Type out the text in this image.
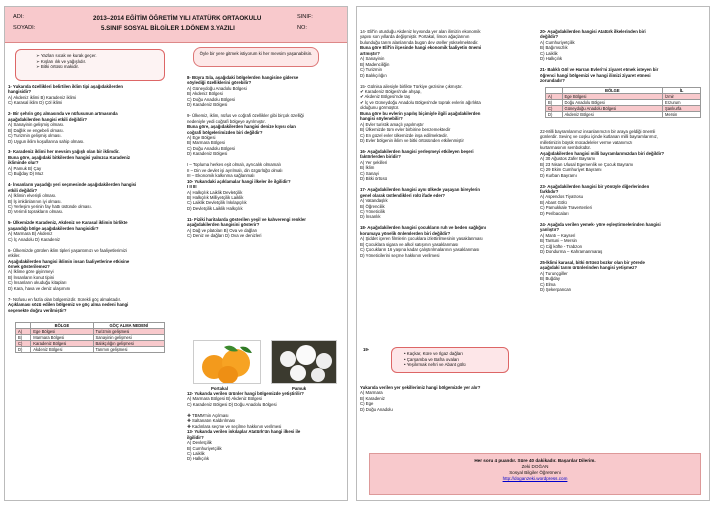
ADI:
SOYADI:
2013–2014 EĞİTİM ÖĞRETİM YILI ATATÜRK ORTAOKULU
5.SINIF SOSYAL BİLGİLER 1.DÖNEM 3.YAZILI
SINIF:
NO:

➢ Yazları sıcak ve kurak geçer.

➢ Kışları ılık ve yağışlıdır.

➢ Bitki örtüsü makidir.

1- Yukarıda özellikleri belirtilen iklim tipi aşağıdakilerden

hangisidir?

A) Akdeniz iklimi B) Karadeniz iklimi

C) Karasal iklim D) Çöl iklimi

2- Bir şehrin göç almasında ve nüfusunun artmasında

aşağıdakilerden hangisi etkili değildir?

A) Sanayinin gelişmiş olması.

B) Dağlık ve engebeli olması.

C) Turizmin gelişmiş olması.

D) Uygun iklim koşullarına sahip olması.

3- Karadeniz iklimi her mevsim yağışlı olan bir iklimdir.

Buna göre, aşağıdaki bitkilerden hangisi yalnızca Karadeniz

ikliminde olur?

A) Pamuk B) Çay

C) Buğday D) Muz

4- İnsanların yaşadığı yeri seçmesinde aşağıdakilerden hangisi

etkili değildir?

A) İklimin elverişli olması.

B) İş imkânlarının iyi olması.

C) Yerleşim yerinin fay hattı üstünde olması.

D) Verimli toprakların olması.

5- Ülkemizde Karadeniz, Akdeniz ve Karasal iklimin birlikte

yaşandığı bölge aşağıdakilerden hangisidir?

A) Marmara B) Akdeniz

C) İç Anadolu D) Karadeniz

6- Ülkemizde görülen iklim tipleri yaşantımızı ve faaliyetlerimizi

etkiler.

Aşağıdakilerden hangisi iklimin insan faaliyetlerine etkisine

örnek gösterilemez?

A) İklime göre giyinmeyi

B) İnsanların konut tipini

C) İnsanların okuduğu kitapları

D) Kara, hava ve deniz ulaşımını

7- Nüfusu en fazla olan bölgemizdir. Sürekli göç almaktadır.

Açıklaması sözü edilen bölgemiz ve göç alma nedeni hangi

seçenekte doğru verilmiştir?

	BÖLGE	GÖÇ ALMA NEDENİ
A)	Ege Bölgesi	Turizmin gelişmesi
B)	Marmara Bölgesi	Sanayinin gelişmesi
C)	Karadeniz Bölgesi	Balıkçılığın gelişmesi
D)	Akdeniz Bölgesi	Tarımın gelişmesi
Öyle bir yere gitmek istiyorum ki her mevsim yaşanabilsin.

8- Büyra Sıla, aşağıdaki bölgelerden hangisine gidersе

söylediği özelliklerini görebilir?

A) Güneydoğu Anadolu Bölgesi

B) Akdeniz Bölgesi

C) Doğu Anadolu Bölgesi

D) Karadeniz Bölgesi

9- Ülkemiz, iklim, nüfus ve coğrafi özellikler gibi birçok özelliği

nedeniyle yedi coğrafi bölgeye ayrılmıştır.

Buna göre, aşağıdakilerden hangisi denize kıyısı olan

coğrafi bölgelerimizden biri değildir?

A) Ege Bölgesi

B) Marmara Bölgesi

C) Doğu Anadolu Bölgesi

D) Karadeniz Bölgesi

I – Topluma herkes eşit olmalı, ayrıcalık olmamalı

II – Din ve devlet işi ayrılmalı, din özgürlüğü olmalı

III – Ekonomik kalkınma sağlanmalı

10- Yukarıdaki açıklamalar hangi ilkeler ile ilgilidir?

I II III

A) Halkçılık Laiklik Devletçilik

B) Halkçılık Milliyetçilik Laiklik

C) Laiklik Devletçilik İnkılapçılık

D) Devletçilik Laiklik Halkçılık

11- Fiziki haritalarda gösterilen yeşil ve kahverengi renkler

aşağıdakilerden hangisini gösterir?

A) Dağ ve platoları B) Ova ve dağları

C) Deniz ve dağları D) Ova ve denizleri

Portakal	Pamuk

12- Yukarıda verilen ürünler hangi bölgemizde yetiştirilir?

A) Marmara Bölgesi B) Akdeniz Bölgesi

C) Karadeniz Bölgesi D) Doğu Anadolu Bölgesi

❖ TBMM'nin Açılması

❖ Saltanatın Kaldırılması

❖ Kadınlara seçme ve seçilme hakkının verilmesi

13- Yukarıda verilen inkılaplar Atatürk'ün hangi ilkesi ile

ilgilidir?

A) Devletçilik

B) Cumhuriyetçilik

C) Laiklik

D) Halkçılık

14- Elif'in oturduğu Akdeniz kıyısında yer alan ilimizin ekonomik

yapısı son yıllarda değişmiştir. Portakal, limon ağaçlarının

bulunduğu tarım alanlarında bugün dev oteller yükselmektedir.

Buna göre Elif'in ilçesinde hangi ekonomik faaliyetin önemi

artmıştır?

A) Sanayinin

B) Madenciliğin

C) Turizmin

D) Balıkçılığın

15- Gülnisa ailesiyle birlikte Türkiye gezisine çıkmıştır.

✔ Karadeniz Bölgesi'nde ahşap,

✔ Akdeniz Bölgesi'nde taş

✔ İç ve Güneydoğu Anadolu Bölgesi'nde toprak evlerin ağırlıkta

olduğunu görmüştür.

Buna göre bu evlerin yapılış biçimiyle ilgili aşağıdakilerden

hangisi söylenebilir?

A) Evler turistik amaçlı yapılmıştır

B) Ülkemizde tüm evler birbirine benzemektedir

C) En güzel evler ülkemizde inşa edilmektedir.

D) Evler bölgenin iklim ve bitki örtüsünden etkilenmiştir

16- Aşağıdakilerden hangisi yerleşmeyi etkileyen beşeri

faktörlerden biridir?

A) Yer şekilleri

B) İklim

C) Sanayi

D) Bitki örtüsü

17- Aşağıdakilerden hangisi aynı ülkede yaşayan bireylerin

genel olarak üstlendikleri rolü ifade eder?

A) Vatandaşlık

B) Öğrencilik

C) Yöneticilik

D) İnsanlık

18- Aşağıdakilerden hangisi çocukların ruh ve beden sağlığını

korumaya yönelik önlemlerden biri değildir?

A) Şiddet içeren filmlerin çocuklara izlettirilmesinin yasaklanması

B) Çocuklara sigara ve alkol satışının yasaklanması

C) Çocukların 16 yaşına kadar çalıştırılmalarının yasaklanması

D) Yöneticilerini seçme hakkının verilmesi

19-

• Kaçkar, Küre ve Ilgaz dağları

• Çarşamba ve Bafra ovaları

• Yeşilırmak nehri ve Abant gölü

Yukarıda verilen yer şekillerimiz hangi bölgemizde yer alır?

A) Marmara

B) Karadeniz

C) Ege

D) Doğu Anadolu

20- Aşağıdakilerden hangisi Atatürk ilkelerinden biri

değildir?

A) Cumhuriyetçilik

B) Bağımsızlık

C) Laiklik

D) Halkçılık

21- Balıklı Göl ve Harran Evleri'ni ziyaret etmek isteyen bir

öğrenci hangi bölgemizi ve hangi ilimizi ziyaret etmesi

zorundadır?

	BÖLGE	İL
A)	Ege Bölgesi	İzmir
B)	Doğu Anadolu Bölgesi	Erzurum
C)	Güneydoğu Anadolu Bölgesi	Şanlıurfa
D)	Akdeniz Bölgesi	Mersin

22-Milli bayramlarımız insanlarımızın bir araya geldiği önemli

günlerdir. Sevinç ve coşku içinde kutlanan milli bayramlarımız,

milletimizin büyük mücadeleler verme vatanımızı

kurtarmasının sembolüdür.

Aşağıdakilerden hangisi milli bayramlarımızdan biri değildir?

A) 30 Ağustos Zafer Bayramı

B) 23 Nisan Ulusal Egemenlik ve Çocuk Bayramı

C) 29 Ekim Cumhuriyet Bayramı

D) Kurban Bayramı

23- Aşağıdakilerden hangisi bir yönüyle diğerlerinden

farklıdır?

A) Aspendos Tiyatrosu

B) Abant Gölü

C) Pamukkale Travertenleri

D) Peribacaları

24- Aşağıda verilen yemek- yöre eşleştirmelerinden hangisi

yanlıştır?

A) Mantı – Kayseri

B) Tantuni – Mersin

C) Ciğ köfte - Trabzon

D) Dondurma – Kahramanmaraş

25-İklimi karasal, bitki örtüsü bozkır olan bir yörede

aşağıdaki tarım ürünlerinden hangisi yetişmez?

A) Turunçgiller

B) Buğday

C) Elma

D) Şekerpancarı

Her soru 4 puandır. Süre 40 dakikadır. Başarılar Dilerim.

Zeki DOĞAN

Sosyal Bilgiler Öğretmeni

http://doganzeki.wordpress.com
